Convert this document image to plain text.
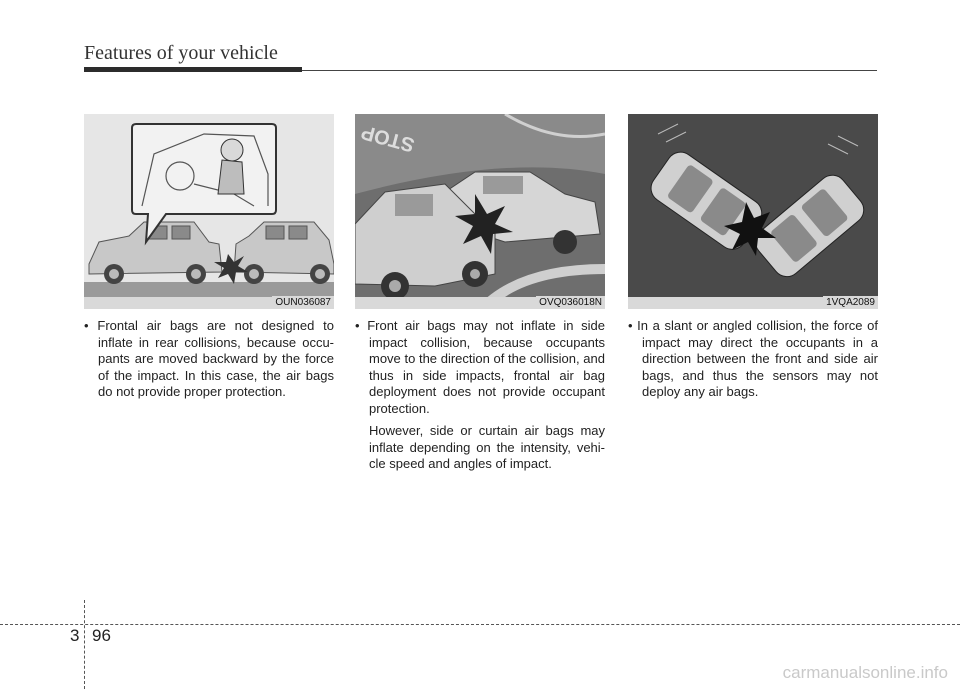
Features of your vehicle
OUN036087
STOP
OVQ036018N	1VQA2089

• Frontal air bags are not designed to inflate in rear collisions, because occu-pants are moved backward by the force of the impact. In this case, the air bags do not provide proper protection.

• Front air bags may not inflate in side impact collision, because occupants move to the direction of the collision, and thus in side impacts, frontal air bag deployment does not provide occupant protection.

However, side or curtain air bags may inflate depending on the intensity, vehi-cle speed and angles of impact.

• In a slant or angled collision, the force of impact may direct the occupants in a direction between the front and side air bags, and thus the sensors may not deploy any air bags.

3 96
carmanualsonline.info
